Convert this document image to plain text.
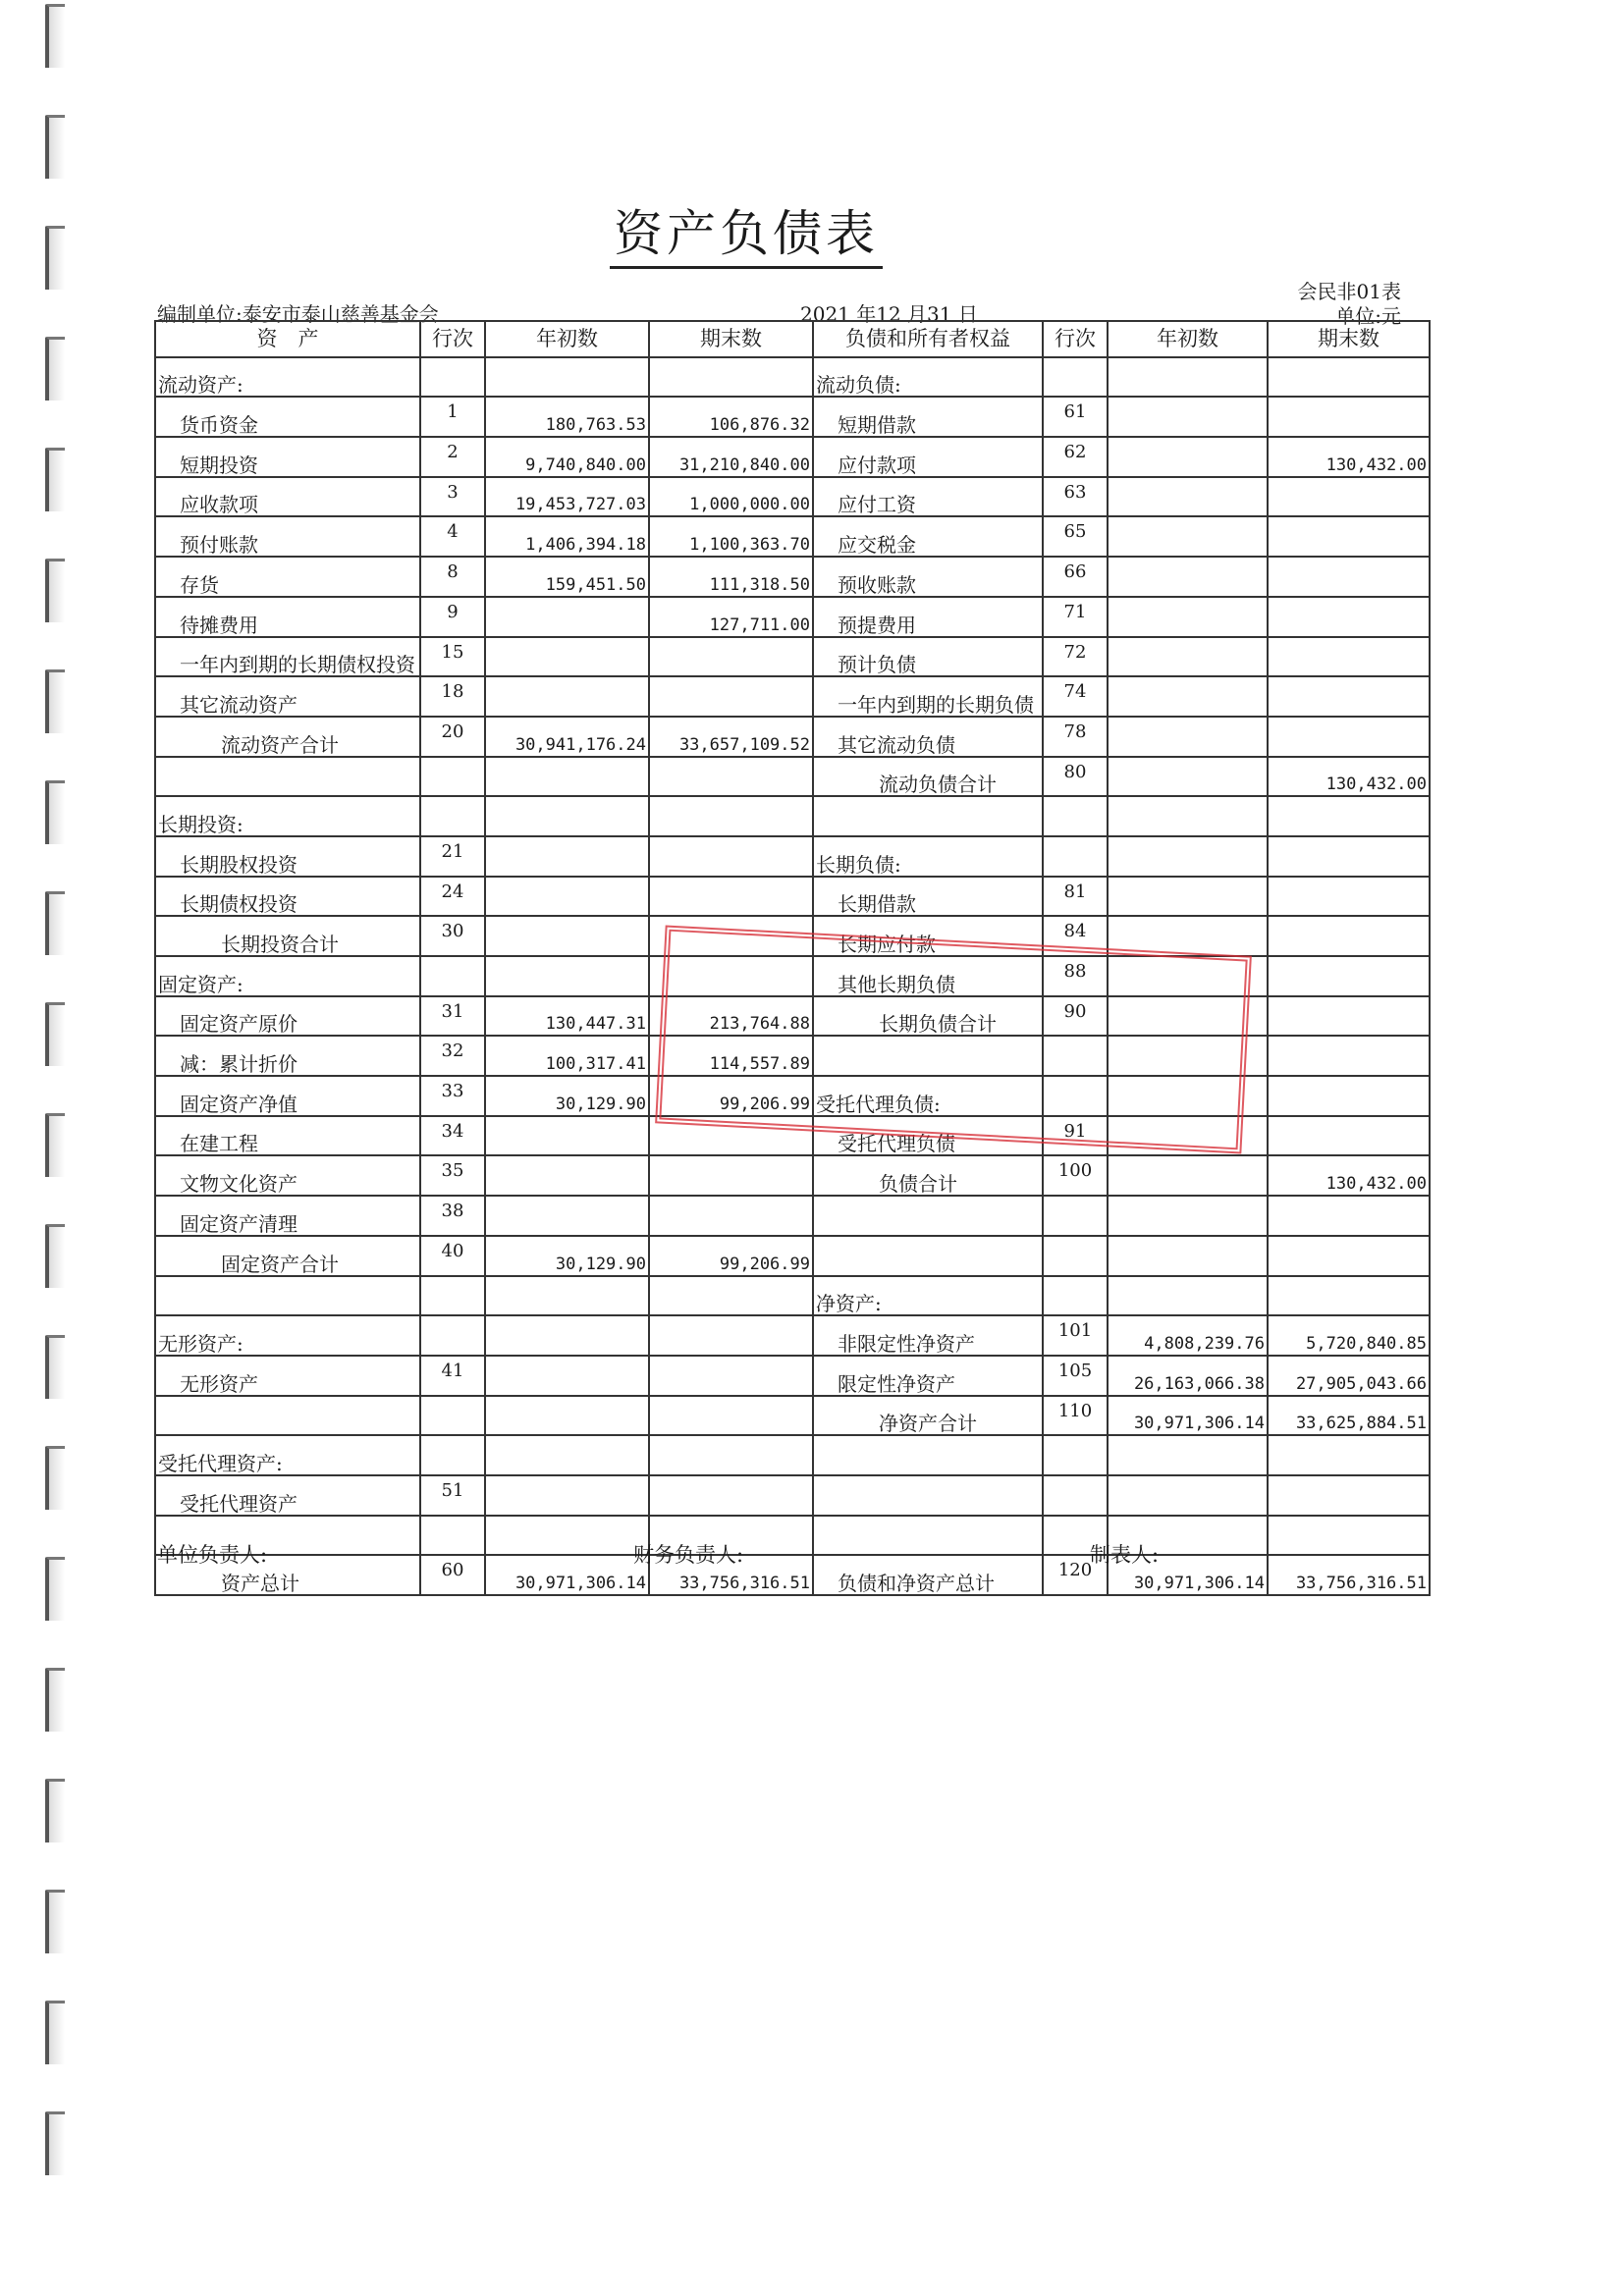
资产负债表
会民非01表
单位:元
编制单位:泰安市泰山慈善基金会	2021 年12 月31 日
资　产	行次	年初数	期末数	负债和所有者权益	行次	年初数	期末数
流动资产:				流动负债:			
货币资金	1	180,763.53	106,876.32	短期借款	61		
短期投资	2	9,740,840.00	31,210,840.00	应付款项	62		130,432.00
应收款项	3	19,453,727.03	1,000,000.00	应付工资	63		
预付账款	4	1,406,394.18	1,100,363.70	应交税金	65		
存货	8	159,451.50	111,318.50	预收账款	66		
待摊费用	9		127,711.00	预提费用	71		
一年内到期的长期债权投资	15			预计负债	72		
其它流动资产	18			一年内到期的长期负债	74		
流动资产合计	20	30,941,176.24	33,657,109.52	其它流动负债	78		
				流动负债合计	80		130,432.00
长期投资:							
长期股权投资	21			长期负债:			
长期债权投资	24			长期借款	81		
长期投资合计	30			长期应付款	84		
固定资产:				其他长期负债	88		
固定资产原价	31	130,447.31	213,764.88	长期负债合计	90		
减：累计折价	32	100,317.41	114,557.89				
固定资产净值	33	30,129.90	99,206.99	受托代理负债:			
在建工程	34			受托代理负债	91		
文物文化资产	35			负债合计	100		130,432.00
固定资产清理	38						
固定资产合计	40	30,129.90	99,206.99				
				净资产:			
无形资产:				非限定性净资产	101	4,808,239.76	5,720,840.85
无形资产	41			限定性净资产	105	26,163,066.38	27,905,043.66
				净资产合计	110	30,971,306.14	33,625,884.51
受托代理资产:							
受托代理资产	51						

资产总计	60	30,971,306.14	33,756,316.51	负债和净资产总计	120	30,971,306.14	33,756,316.51
单位负责人:	财务负责人:	制表人:
